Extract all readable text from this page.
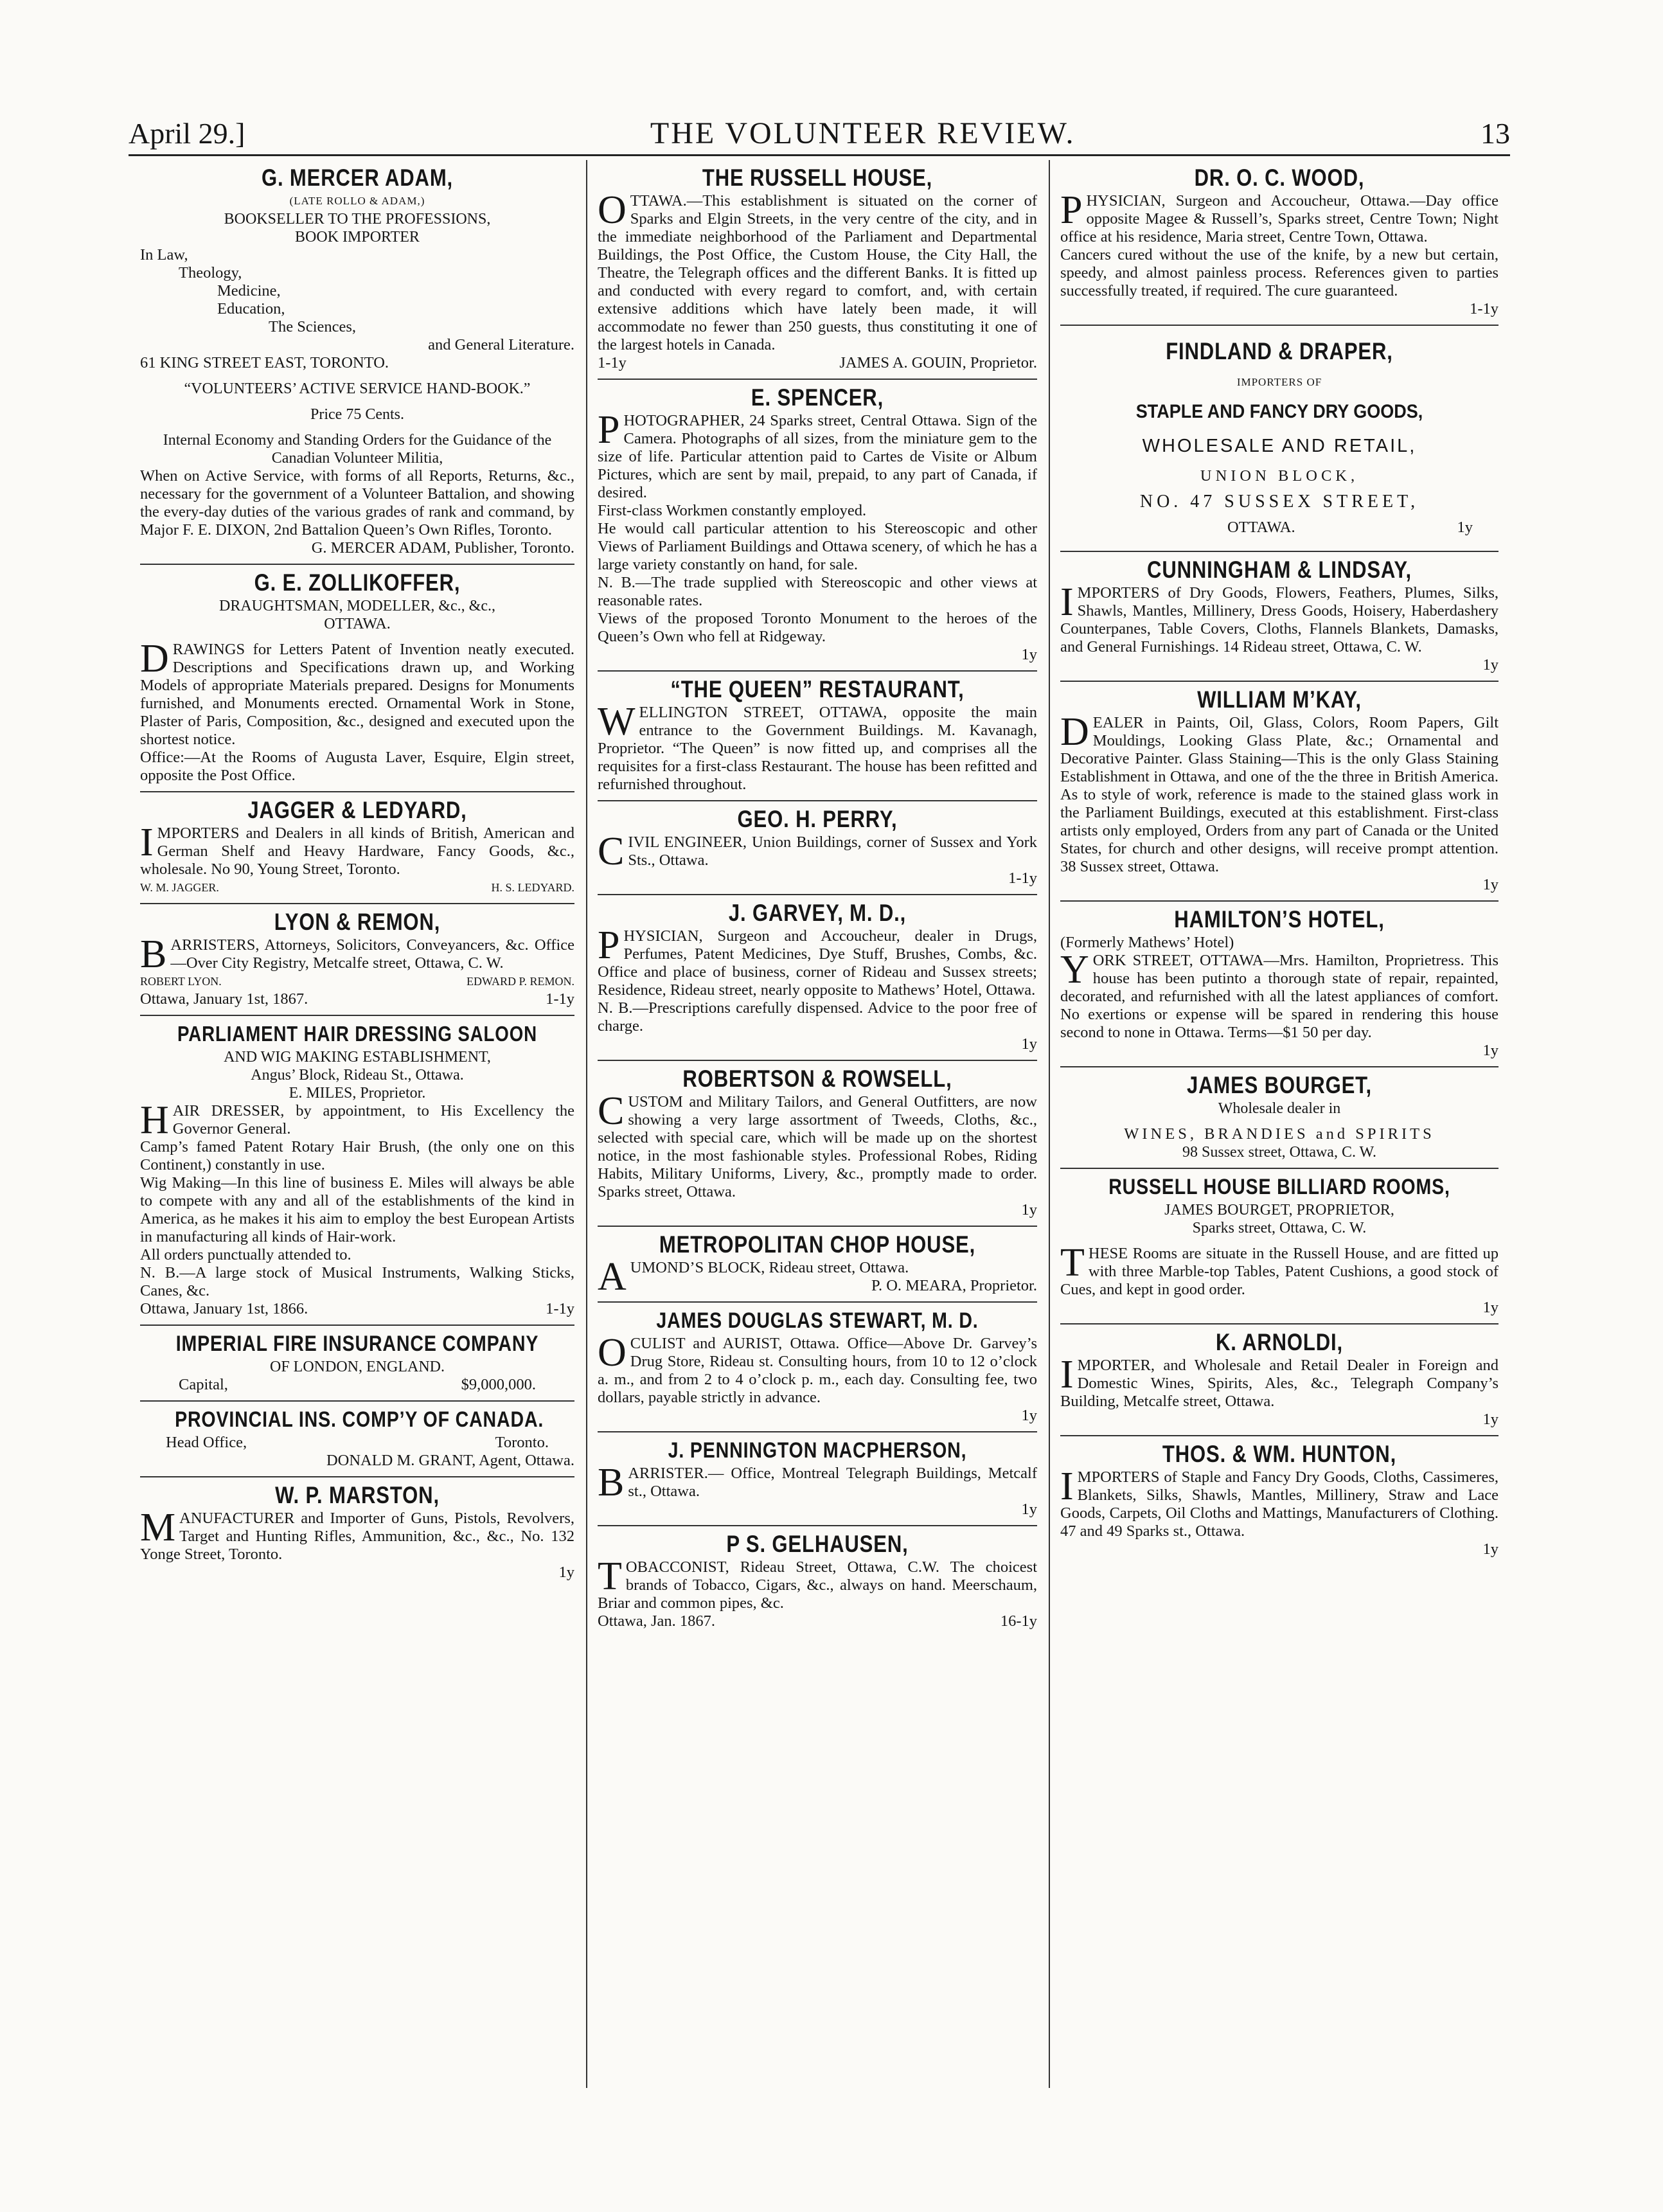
April 29.]	THE VOLUNTEER REVIEW.	13
G. MERCER ADAM,
(LATE ROLLO & ADAM,)
BOOKSELLER TO THE PROFESSIONS,
BOOK IMPORTER
In Law,
Theology,
Medicine,
Education,
The Sciences,
and General Literature.
61 KING STREET EAST, TORONTO.
“VOLUNTEERS’ ACTIVE SERVICE HAND-BOOK.”
Price 75 Cents.
Internal Economy and Standing Orders for the Guidance of the Canadian Volunteer Militia,

When on Active Service, with forms of all Reports, Returns, &c., necessary for the government of a Volunteer Battalion, and showing the every-day duties of the various grades of rank and command, by Major F. E. DIXON, 2nd Battalion Queen’s Own Rifles, Toronto.

G. MERCER ADAM, Publisher, Toronto.
G. E. ZOLLIKOFFER,
DRAUGHTSMAN, MODELLER, &c., &c.,
OTTAWA.

DRAWINGS for Letters Patent of Invention neatly executed. Descriptions and Specifications drawn up, and Working Models of appropriate Materials prepared. Designs for Monuments furnished, and Monuments erected. Ornamental Work in Stone, Plaster of Paris, Composition, &c., designed and executed upon the shortest notice.

Office:—At the Rooms of Augusta Laver, Esquire, Elgin street, opposite the Post Office.

JAGGER & LEDYARD,

IMPORTERS and Dealers in all kinds of British, American and German Shelf and Heavy Hardware, Fancy Goods, &c., wholesale. No 90, Young Street, Toronto.

W. M. JAGGER.	H. S. LEDYARD.
LYON & REMON,

BARRISTERS, Attorneys, Solicitors, Conveyancers, &c. Office—Over City Registry, Metcalfe street, Ottawa, C. W.

ROBERT LYON.	EDWARD P. REMON.
Ottawa, January 1st, 1867.	1-1y
PARLIAMENT HAIR DRESSING SALOON
AND WIG MAKING ESTABLISHMENT,
Angus’ Block, Rideau St., Ottawa.
E. MILES, Proprietor.

HAIR DRESSER, by appointment, to His Excellency the Governor General.

Camp’s famed Patent Rotary Hair Brush, (the only one on this Continent,) constantly in use.

Wig Making—In this line of business E. Miles will always be able to compete with any and all of the establishments of the kind in America, as he makes it his aim to employ the best European Artists in manufacturing all kinds of Hair-work.

All orders punctually attended to.

N. B.—A large stock of Musical Instruments, Walking Sticks, Canes, &c.

Ottawa, January 1st, 1866.	1-1y
IMPERIAL FIRE INSURANCE COMPANY
OF LONDON, ENGLAND.
Capital,	$9,000,000.
PROVINCIAL INS. COMP’Y OF CANADA.
Head Office,	Toronto.
DONALD M. GRANT, Agent, Ottawa.
W. P. MARSTON,

MANUFACTURER and Importer of Guns, Pistols, Revolvers, Target and Hunting Rifles, Ammunition, &c., &c., No. 132 Yonge Street, Toronto.

1y
THE RUSSELL HOUSE,

OTTAWA.—This establishment is situated on the corner of Sparks and Elgin Streets, in the very centre of the city, and in the immediate neighborhood of the Parliament and Departmental Buildings, the Post Office, the Custom House, the City Hall, the Theatre, the Telegraph offices and the different Banks. It is fitted up and conducted with every regard to comfort, and, with certain extensive additions which have lately been made, it will accommodate no fewer than 250 guests, thus constituting it one of the largest hotels in Canada.

1-1y	JAMES A. GOUIN, Proprietor.
E. SPENCER,

PHOTOGRAPHER, 24 Sparks street, Central Ottawa. Sign of the Camera. Photographs of all sizes, from the miniature gem to the size of life. Particular attention paid to Cartes de Visite or Album Pictures, which are sent by mail, prepaid, to any part of Canada, if desired.

First-class Workmen constantly employed.

He would call particular attention to his Stereoscopic and other Views of Parliament Buildings and Ottawa scenery, of which he has a large variety constantly on hand, for sale.

N. B.—The trade supplied with Stereoscopic and other views at reasonable rates.

Views of the proposed Toronto Monument to the heroes of the Queen’s Own who fell at Ridgeway.

1y
“THE QUEEN” RESTAURANT,

WELLINGTON STREET, OTTAWA, opposite the main entrance to the Government Buildings. M. Kavanagh, Proprietor. “The Queen” is now fitted up, and comprises all the requisites for a first-class Restaurant. The house has been refitted and refurnished throughout.

GEO. H. PERRY,

CIVIL ENGINEER, Union Buildings, corner of Sussex and York Sts., Ottawa.

1-1y
J. GARVEY, M. D.,

PHYSICIAN, Surgeon and Accoucheur, dealer in Drugs, Perfumes, Patent Medicines, Dye Stuff, Brushes, Combs, &c. Office and place of business, corner of Rideau and Sussex streets; Residence, Rideau street, nearly opposite to Mathews’ Hotel, Ottawa.

N. B.—Prescriptions carefully dispensed. Advice to the poor free of charge.

1y
ROBERTSON & ROWSELL,

CUSTOM and Military Tailors, and General Outfitters, are now showing a very large assortment of Tweeds, Cloths, &c., selected with special care, which will be made up on the shortest notice, in the most fashionable styles. Professional Robes, Riding Habits, Military Uniforms, Livery, &c., promptly made to order. Sparks street, Ottawa.

1y
METROPOLITAN CHOP HOUSE,

AUMOND’S BLOCK, Rideau street, Ottawa.

P. O. MEARA, Proprietor.
JAMES DOUGLAS STEWART, M. D.

OCULIST and AURIST, Ottawa. Office—Above Dr. Garvey’s Drug Store, Rideau st. Consulting hours, from 10 to 12 o’clock a. m., and from 2 to 4 o’clock p. m., each day. Consulting fee, two dollars, payable strictly in advance.

1y
J. PENNINGTON MACPHERSON,

BARRISTER.— Office, Montreal Telegraph Buildings, Metcalf st., Ottawa.

1y
P S. GELHAUSEN,

TOBACCONIST, Rideau Street, Ottawa, C.W. The choicest brands of Tobacco, Cigars, &c., always on hand. Meerschaum, Briar and common pipes, &c.

Ottawa, Jan. 1867.	16-1y
DR. O. C. WOOD,

PHYSICIAN, Surgeon and Accoucheur, Ottawa.—Day office opposite Magee & Russell’s, Sparks street, Centre Town; Night office at his residence, Maria street, Centre Town, Ottawa.

Cancers cured without the use of the knife, by a new but certain, speedy, and almost painless process. References given to parties successfully treated, if required. The cure guaranteed.

1-1y
FINDLAND & DRAPER,
IMPORTERS OF
STAPLE AND FANCY DRY GOODS,
WHOLESALE AND RETAIL,
UNION BLOCK,
NO. 47 SUSSEX STREET,
OTTAWA.	1y
CUNNINGHAM & LINDSAY,

IMPORTERS of Dry Goods, Flowers, Feathers, Plumes, Silks, Shawls, Mantles, Millinery, Dress Goods, Hoisery, Haberdashery Counterpanes, Table Covers, Cloths, Flannels Blankets, Damasks, and General Furnishings. 14 Rideau street, Ottawa, C. W.

1y
WILLIAM M’KAY,

DEALER in Paints, Oil, Glass, Colors, Room Papers, Gilt Mouldings, Looking Glass Plate, &c.; Ornamental and Decorative Painter. Glass Staining—This is the only Glass Staining Establishment in Ottawa, and one of the the three in British America. As to style of work, reference is made to the stained glass work in the Parliament Buildings, executed at this establishment. First-class artists only employed, Orders from any part of Canada or the United States, for church and other designs, will receive prompt attention. 38 Sussex street, Ottawa.

1y
HAMILTON’S HOTEL,
(Formerly Mathews’ Hotel)

YORK STREET, OTTAWA—Mrs. Hamilton, Proprietress. This house has been putinto a thorough state of repair, repainted, decorated, and refurnished with all the latest appliances of comfort. No exertions or expense will be spared in rendering this house second to none in Ottawa. Terms—$1 50 per day.

1y
JAMES BOURGET,
Wholesale dealer in
WINES, BRANDIES and SPIRITS
98 Sussex street, Ottawa, C. W.
RUSSELL HOUSE BILLIARD ROOMS,
JAMES BOURGET, PROPRIETOR,
Sparks street, Ottawa, C. W.

THESE Rooms are situate in the Russell House, and are fitted up with three Marble-top Tables, Patent Cushions, a good stock of Cues, and kept in good order.

1y
K. ARNOLDI,

IMPORTER, and Wholesale and Retail Dealer in Foreign and Domestic Wines, Spirits, Ales, &c., Telegraph Company’s Building, Metcalfe street, Ottawa.

1y
THOS. & WM. HUNTON,

IMPORTERS of Staple and Fancy Dry Goods, Cloths, Cassimeres, Blankets, Silks, Shawls, Mantles, Millinery, Straw and Lace Goods, Carpets, Oil Cloths and Mattings, Manufacturers of Clothing. 47 and 49 Sparks st., Ottawa.

1y
